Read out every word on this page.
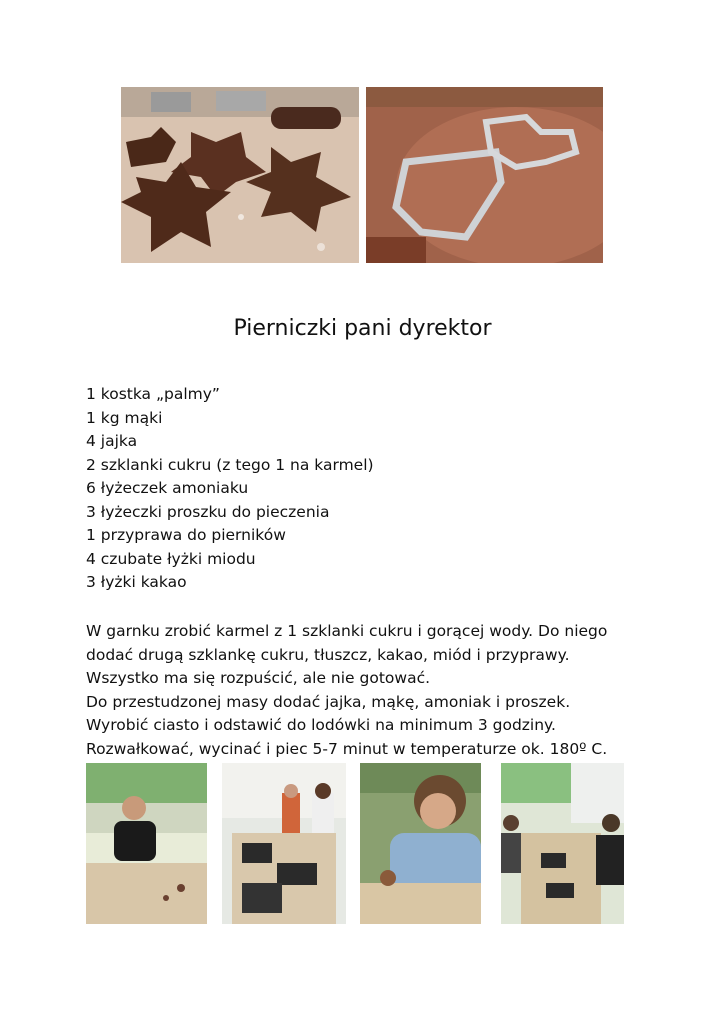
Pierniczki pani dyrektor
1 kostka „palmy”
1 kg mąki
4 jajka
2 szklanki cukru (z tego 1 na karmel)
6 łyżeczek amoniaku
3 łyżeczki proszku do pieczenia
1 przyprawa do pierników
4 czubate łyżki miodu
3 łyżki kakao

W garnku zrobić karmel z 1 szklanki cukru i gorącej wody. Do niego

dodać drugą szklankę cukru, tłuszcz, kakao, miód i przyprawy.

Wszystko ma się rozpuścić, ale nie gotować.

Do przestudzonej masy dodać jajka, mąkę, amoniak i proszek.

Wyrobić ciasto i odstawić do lodówki na minimum 3 godziny.

Rozwałkować, wycinać i piec 5-7 minut w temperaturze ok. 180º C.
